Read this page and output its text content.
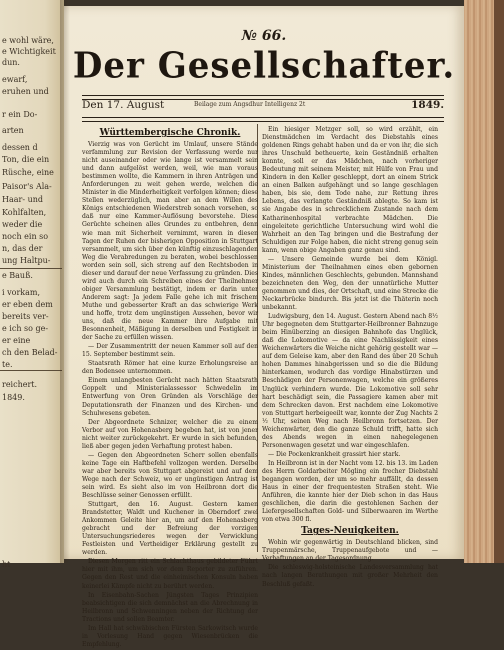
e wohl wäre,
e Wichtigkeit
dun.
ewarf,
eruhen und
r ein Do-
arten
dessen d
Ton, die ein
Rüsche, eine
Paisor's Ala-
Haar- und
Kohlfalten,
weder die
noch ein so
n, das der
ung Haltpu-
e Bauß.
i vorkam,
er eben dem
bereits ver-
e ich so ge-
er eine
ch den Belad-
te.
reichert.
1849.
ht
№ 66.
Der Gesellschafter.
Den 17. August	Beilage zum Angsdhur Intelligenz 2t	1849.
Württembergische Chronik.

Vierzig was von Gerücht im Umlauf, unsere Stände verfammlung zur Revision der Verfassung werde nur nicht auseinander oder wie lange ist versammelt sein und dann aufgelöst werden, weil, wie man voraus bestimmen wollte, die Kammern in ihren Anträgen und Anforderungen zu weit gehen werde, welchen die Minister in die Minderheitigkeit verfolgen können; diese Stellen wederzüglich, man aber an dem Willen des Königs entschiedenen Wiederstreb sonach vorsehen, so daß nur eine Kammer-Auflösung bevorstehe. Diese Gerüchte scheinen alles Grundes zu entbehren, denn wie man mit Sicherheit vernimmt, waren in diesen Tagen der Ruhen der bisherigen Opposition in Stuttgart versammelt, um sich über den künftig einzuschlagenden Weg die Verabredungen zu beraten, wobei beschlossen worden sein soll, sich streng auf den Rechtsboden in dieser und darauf der neue Verfassung zu gründen. Dies wird auch durch ein Schreiben eines der Theilnehmer obiger Versammlung bestätigt, indem er darin unter Anderem sagt: Ja jedem Falle gehe ich mit frischem Muthe und gebesserter Kraft an das schwierige Werk und hoffe, trotz dem ungünstigen Aussehen, bevor wir uns, daß die neue Kammer ihre Aufgabe mit Besonnenheit, Mäßigung in derselben und Festigkeit in der Sache zu erfüllen wissen.

— Der Zusammentritt der neuen Kammer soll auf den 15. September bestimmt sein.

Staatsrath Römer hat eine kurze Erholungsreise an den Bodensee unternommen.

Einem unlangbesten Gerücht nach hätten Staatsrath Goppelt und Ministerialassessor Schwedelin im Entwerfung von Oren Gründen als Vorschläge der Deputationsrath der Finanzen und des Kirchen- und Schulwesens gebeten.

Der Abgeordnete Schnizer, welcher die zu einem Verbor auf von Hohenasberg begeben hat, ist von jener nicht weiter zurückgekehrt. Er wurde in sich befunden, ließ aber gegen jeden Verhaftung protest haben.

— Gegen den Abgeordneten Scherr sollen ebenfalls keine Tage ein Haftbefehl vollzogen werden. Derselbe war aber bereits von Stuttgart abgereist und auf dem Wege nach der Schweiz, wo er ungünstigen Antrag ist sein wird. Es sieht also im von Heilbronn dort die Beschlüsse seiner Genossen erfüllt.

Stuttgart, den 16. August. Gestern kamen Brandstetter, Waldt und Kuchener in Oberndorf zwei Ankommen Geleite hier an, um auf den Hohenasberg gebracht und der Befreiung der vorzigen Untersuchungsriederes wegen der Verwicklung Festleisten und Vertheidiger Erklärung gestellt zu werden.

Diesen Morgen ritt ein Schlachthaus gebildeter Führt hier mit ihm, um sich vor dem Reporter zu zuführen. Gegen den Rest und die einheimischen Konsuln haben keinerlei Kämpfe nicht zu berührt werden.

In Eisenbahn-Sachen Jüngsten Tages Prinzipien beabsichtigen die sich demnächst an die Abrechnung in Heilbronn und Schwenningen neben der Richtung der Tractions und sollen Beamter.

Im Hall hat schwäbischen Fürsten Sarkowitsch wurde in Vorlesung Hand gegen Wiesenbrücken die Empfehlung.

Ein hiesiger Metzger soll, so wird erzählt, ein Dienstmädchen im Verdacht des Diebstahls eines goldenen Rings gehabt haben und da er von ihr, die sich ihres Unschuld betheuerte, kein Geständniß erhalten konnte, soll er das Mädchen, nach vorheriger Bedeutung mit seinem Meister, mit Hülfe von Frau und Kindern in den Keller geschleppt, dort an einem Strick an einen Balken aufgehängt und so lange geschlagen haben, bis sie, dem Tode nahe, zur Rettung ihres Lebens, das verlangte Geständniß ablegte. So kam ist sie Angabe des in schrecklichem Zustande nach dem Katharinenhospital verbrachte Mädchen. Die eingeleitete gerichtliche Untersuchung wird wohl die Wahrheit an den Tag bringen und die Bestrafung der Schuldigen zur Folge haben, die nicht streng genug sein kann, wenn obige Angaben ganz genau sind.

— Unsere Gemeinde wurde bei dem Königl. Ministerium der Theilnahmen eines eben gebornen Kindes, männlichen Geschlechts, gebunden. Mannshand bezeichneten den Weg, den der unnatürliche Mutter genommen und dies, der Ortschaft, und eine Strecke die Neckarbrücke bindurch. Bis jetzt ist die Thäterin noch unbekannt.

Ludwigsburg, den 14. August. Gestern Abend nach 8½ Uhr begegneten dem Stuttgarter-Heilbronner Bahnzuge beim Hinüberzing an diesigen Bahnhofe das Unglück, daß die Lokomotive — da eine Nachlässigkeit eines Weichenwärters die Weiche nicht gehörig gestellt war — auf dem Geleise kam, aber den Rand des über 20 Schuh hohen Dammes hinabgerissen und so die die Bildung hinterkamen, wodurch das vordige Hinabstürzen und Beschädigen der Personenwagen, welche ein größeres Unglück verhindern wurde. Die Lokomotive soll sehr hart beschädigt sein, die Passagiere kamen aber mit dem Schrecken davon. Erst nachdem eine Lokomotive von Stuttgart herbeigeeilt war, konnte der Zug Nachts 2 ½ Uhr, seinen Weg nach Heilbronn fortsetzen. Der Weichenwärter, den die ganze Schuld trifft, hatte sich des Abends wegen in einen nahegelegenen Personenwagen gesetzt und war eingeschlafen.

— Die Pockenkrankheit grassirt hier stark.

In Heilbronn ist in der Nacht vom 12. bis 13. im Laden des Herrn Goldarbeiter Mögling ein frecher Diebstahl begangen worden, der um so mehr auffällt, da dessen Haus in einer der frequentesten Straßen steht. Wie Anführen, die kannte hier der Dieb schon in das Haus geschlichen, die darin die gestohlenen Sachen der Liefergesellschaften Gold- und Silberwaaren im Werthe von etwa 300 fl.

Tages-Neuigkeiten.

Wohin wir gegenwärtig in Deutschland blicken, sind Truppenmärsche, Truppenaufgebote und — Verhaftungen an der Tagesordnung.

Die schleswig-holsteinische Landesversammlung hat nach langen Berathungen mit großer Mehrheit den Beschluß gefaßt.
